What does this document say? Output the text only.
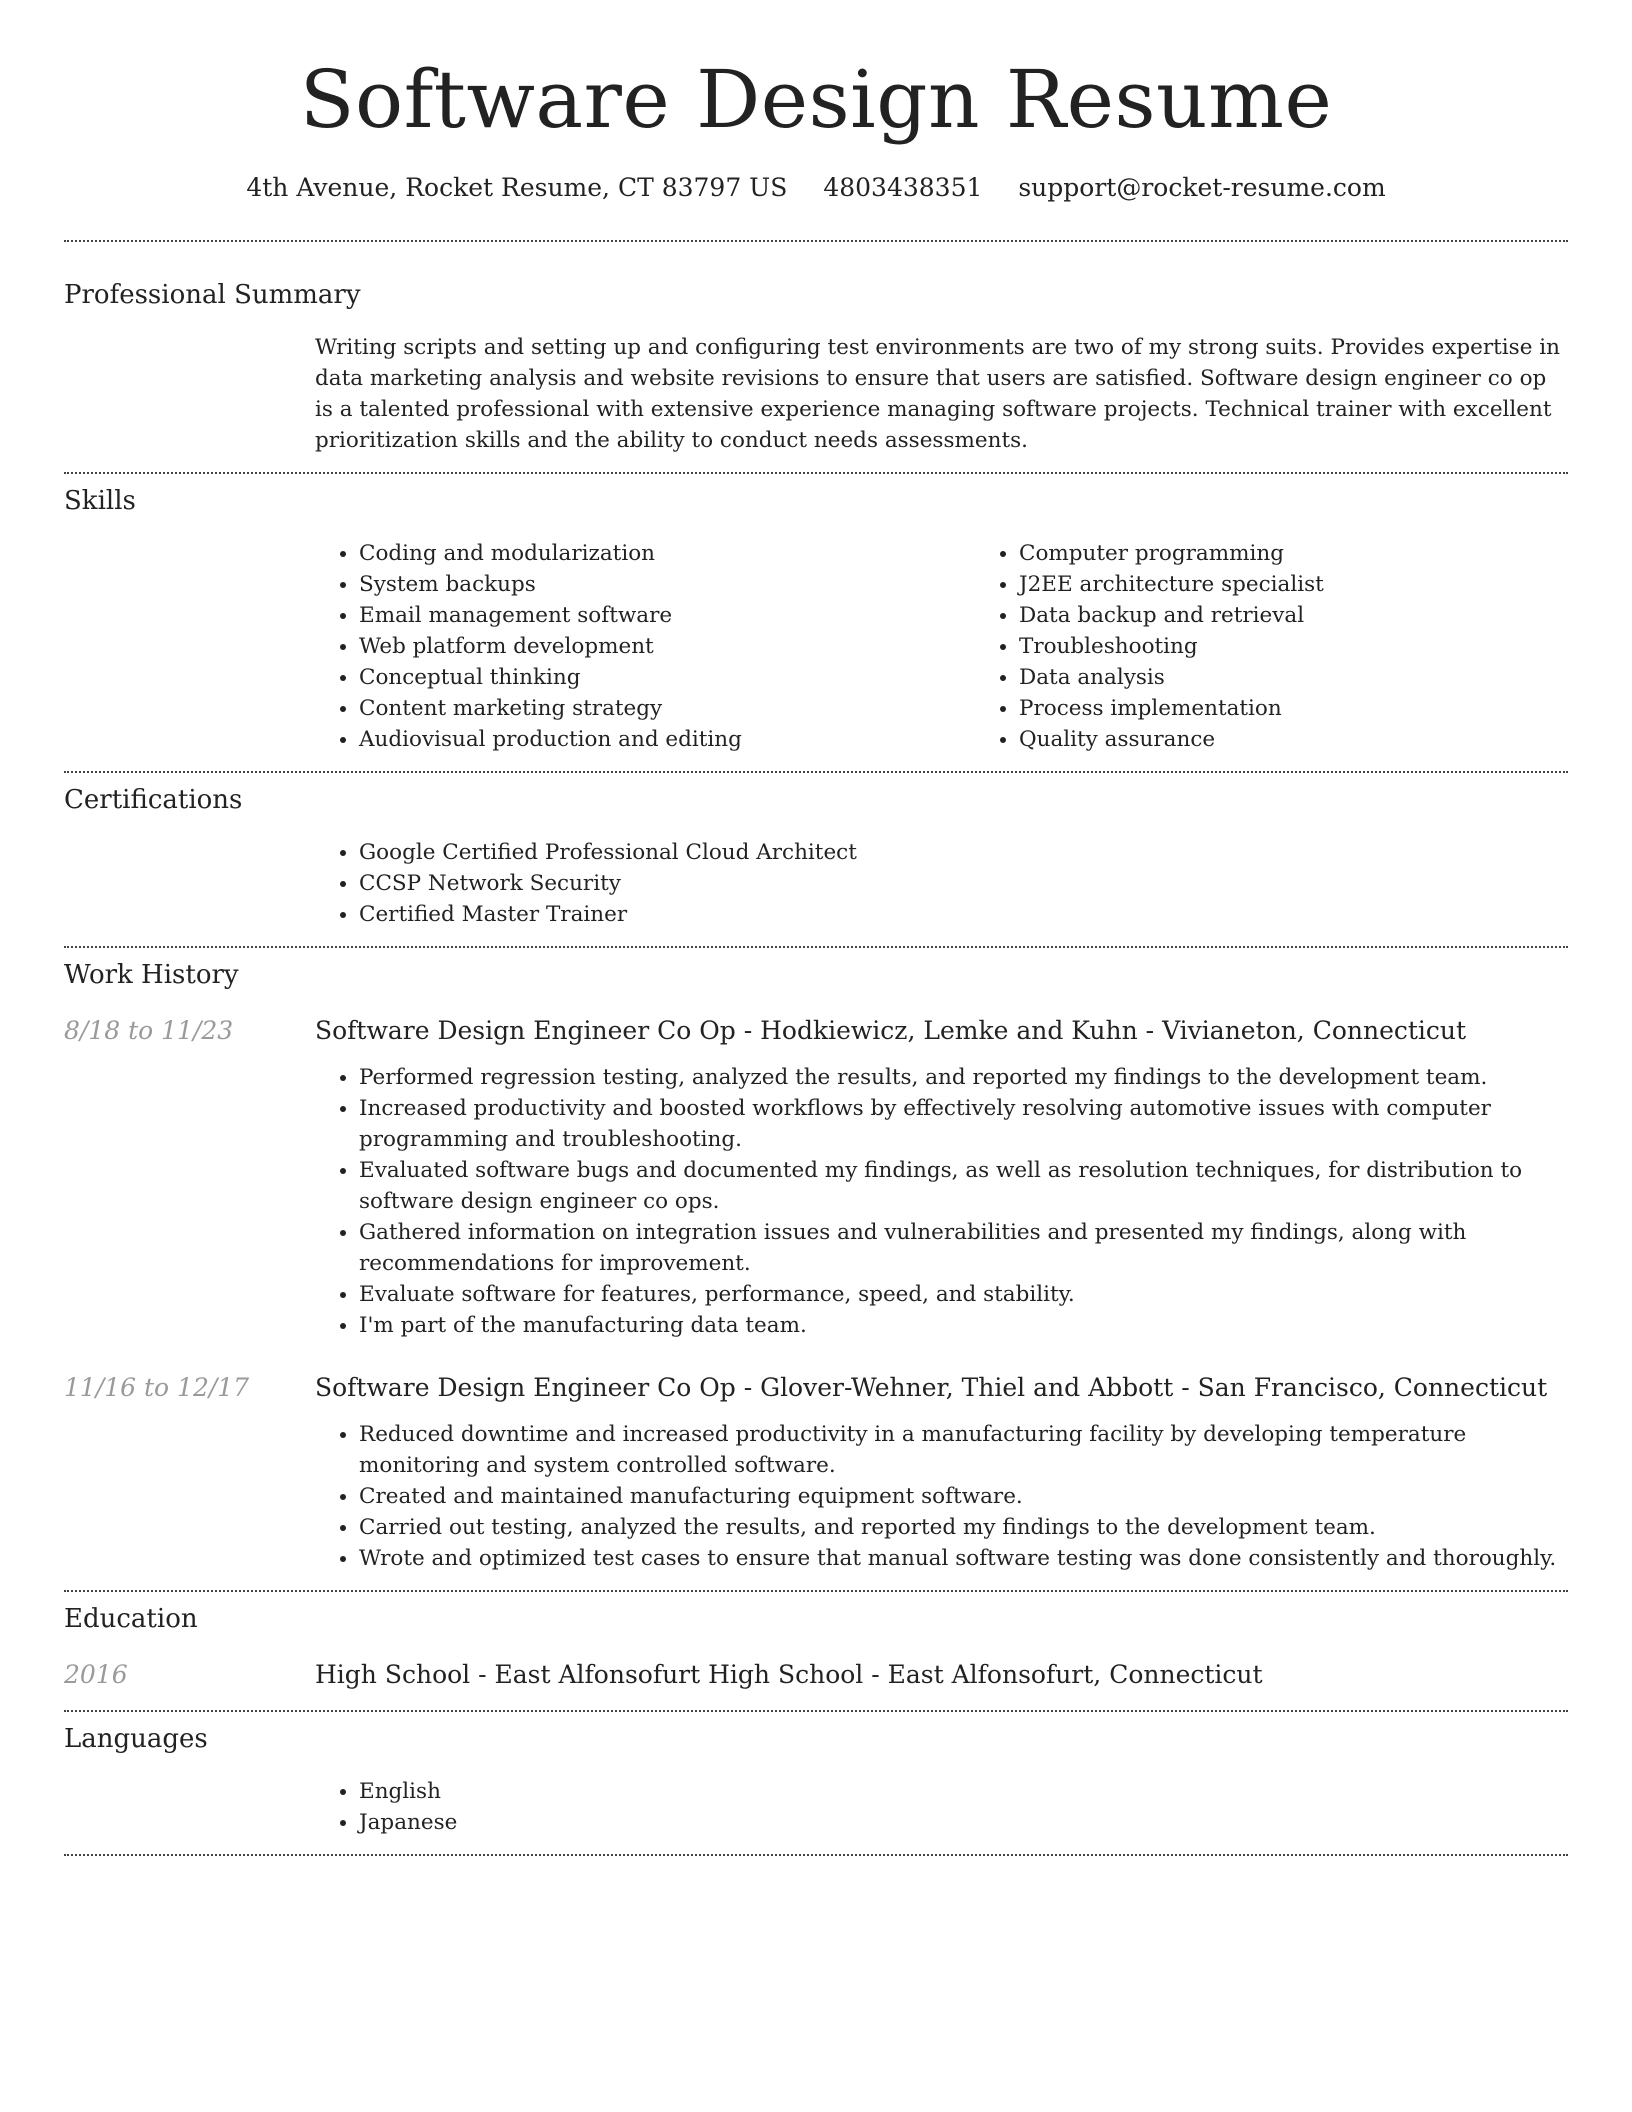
Software Design Resume
4th Avenue, Rocket Resume, CT 83797 US 4803438351 support@rocket-resume.com
Professional Summary

Writing scripts and setting up and configuring test environments are two of my strong suits. Provides expertise in data marketing analysis and website revisions to ensure that users are satisfied. Software design engineer co op is a talented professional with extensive experience managing software projects. Technical trainer with excellent prioritization skills and the ability to conduct needs assessments.

Skills
• Coding and modularization
• System backups
• Email management software
• Web platform development
• Conceptual thinking
• Content marketing strategy
• Audiovisual production and editing
• Computer programming
• J2EE architecture specialist
• Data backup and retrieval
• Troubleshooting
• Data analysis
• Process implementation
• Quality assurance
Certifications
• Google Certified Professional Cloud Architect
• CCSP Network Security
• Certified Master Trainer
Work History
8/18 to 11/23	Software Design Engineer Co Op - Hodkiewicz, Lemke and Kuhn - Vivianeton, Connecticut
• Performed regression testing, analyzed the results, and reported my findings to the development team.
• Increased productivity and boosted workflows by effectively resolving automotive issues with computer programming and troubleshooting.
• Evaluated software bugs and documented my findings, as well as resolution techniques, for distribution to software design engineer co ops.
• Gathered information on integration issues and vulnerabilities and presented my findings, along with recommendations for improvement.
• Evaluate software for features, performance, speed, and stability.
• I'm part of the manufacturing data team.
11/16 to 12/17	Software Design Engineer Co Op - Glover-Wehner, Thiel and Abbott - San Francisco, Connecticut
• Reduced downtime and increased productivity in a manufacturing facility by developing temperature monitoring and system controlled software.
• Created and maintained manufacturing equipment software.
• Carried out testing, analyzed the results, and reported my findings to the development team.
• Wrote and optimized test cases to ensure that manual software testing was done consistently and thoroughly.
Education
2016	High School - East Alfonsofurt High School - East Alfonsofurt, Connecticut
Languages
• English
• Japanese
